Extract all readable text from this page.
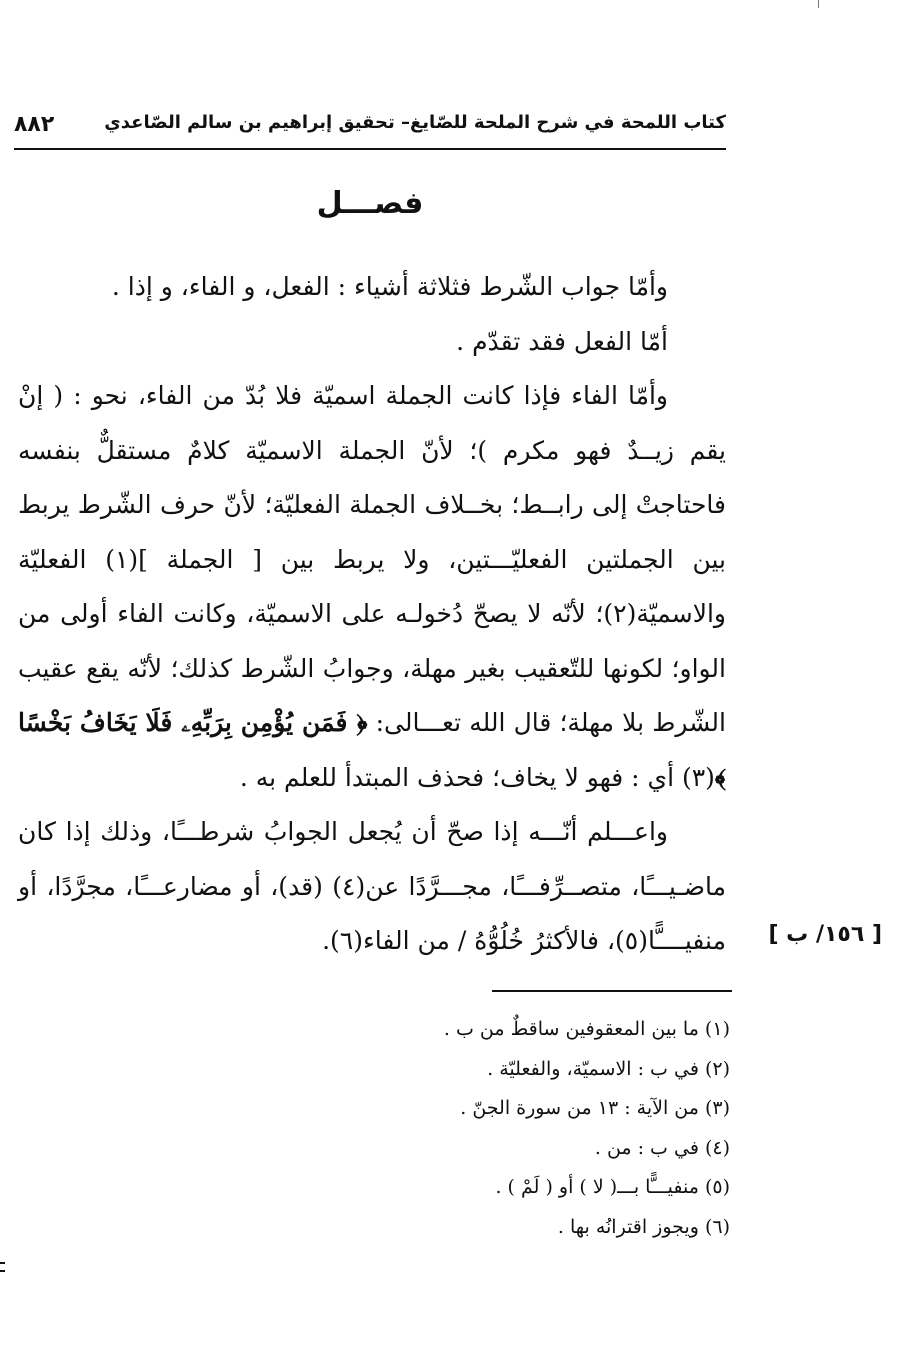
كتاب اللمحة في شرح الملحة للصّايغ– تحقيق إبراهيم بن سالم الصّاعدي
٨٨٢
فصـــل

وأمّا جواب الشّرط فثلاثة أشياء : الفعل، و الفاء، و إذا .

أمّا الفعل فقد تقدّم .

وأمّا الفاء فإذا كانت الجملة اسميّة فلا بُدّ من الفاء، نحو : ( إنْ يقم زيــدٌ فهو مكرم )؛ لأنّ الجملة الاسميّة كلامٌ مستقلٌّ بنفسه فاحتاجتْ إلى رابــط؛ بخــلاف الجملة الفعليّة؛ لأنّ حرف الشّرط يربط بين الجملتين الفعليّـــتين، ولا يربط بين [ الجملة ](١) الفعليّة والاسميّة(٢)؛ لأنّه لا يصحّ دُخولـه على الاسميّة، وكانت الفاء أولى من الواو؛ لكونها للتّعقيب بغير مهلة، وجوابُ الشّرط كذلك؛ لأنّه يقع عقيب الشّرط بلا مهلة؛ قال الله تعـــالى: ﴿ فَمَن يُؤْمِن بِرَبِّهِۦ فَلَا يَخَافُ بَخْسًا ﴾(٣) أي : فهو لا يخاف؛ فحذف المبتدأ للعلم به .

واعـــلم أنّـــه إذا صحّ أن يُجعل الجوابُ شرطـــًا، وذلك إذا كان ماضـيـــًا، متصــرِّفـــًا، مجـــرَّدًا عن(٤) (قد)، أو مضارعـــًا، مجرَّدًا، أو منفيــــًّا(٥)، فالأكثرُ خُلُوُّهُ / من الفاء(٦).	[ ١٥٦/ ب ]

(١) ما بين المعقوفين ساقطٌ من ب .

(٢) في ب : الاسميّة، والفعليّة .

(٣) من الآية : ١٣ من سورة الجنّ .

(٤) في ب : من .

(٥) منفيـــًّا بـــ( لا ) أو ( لَمْ ) .

(٦) ويجوز اقترانُه بها .
